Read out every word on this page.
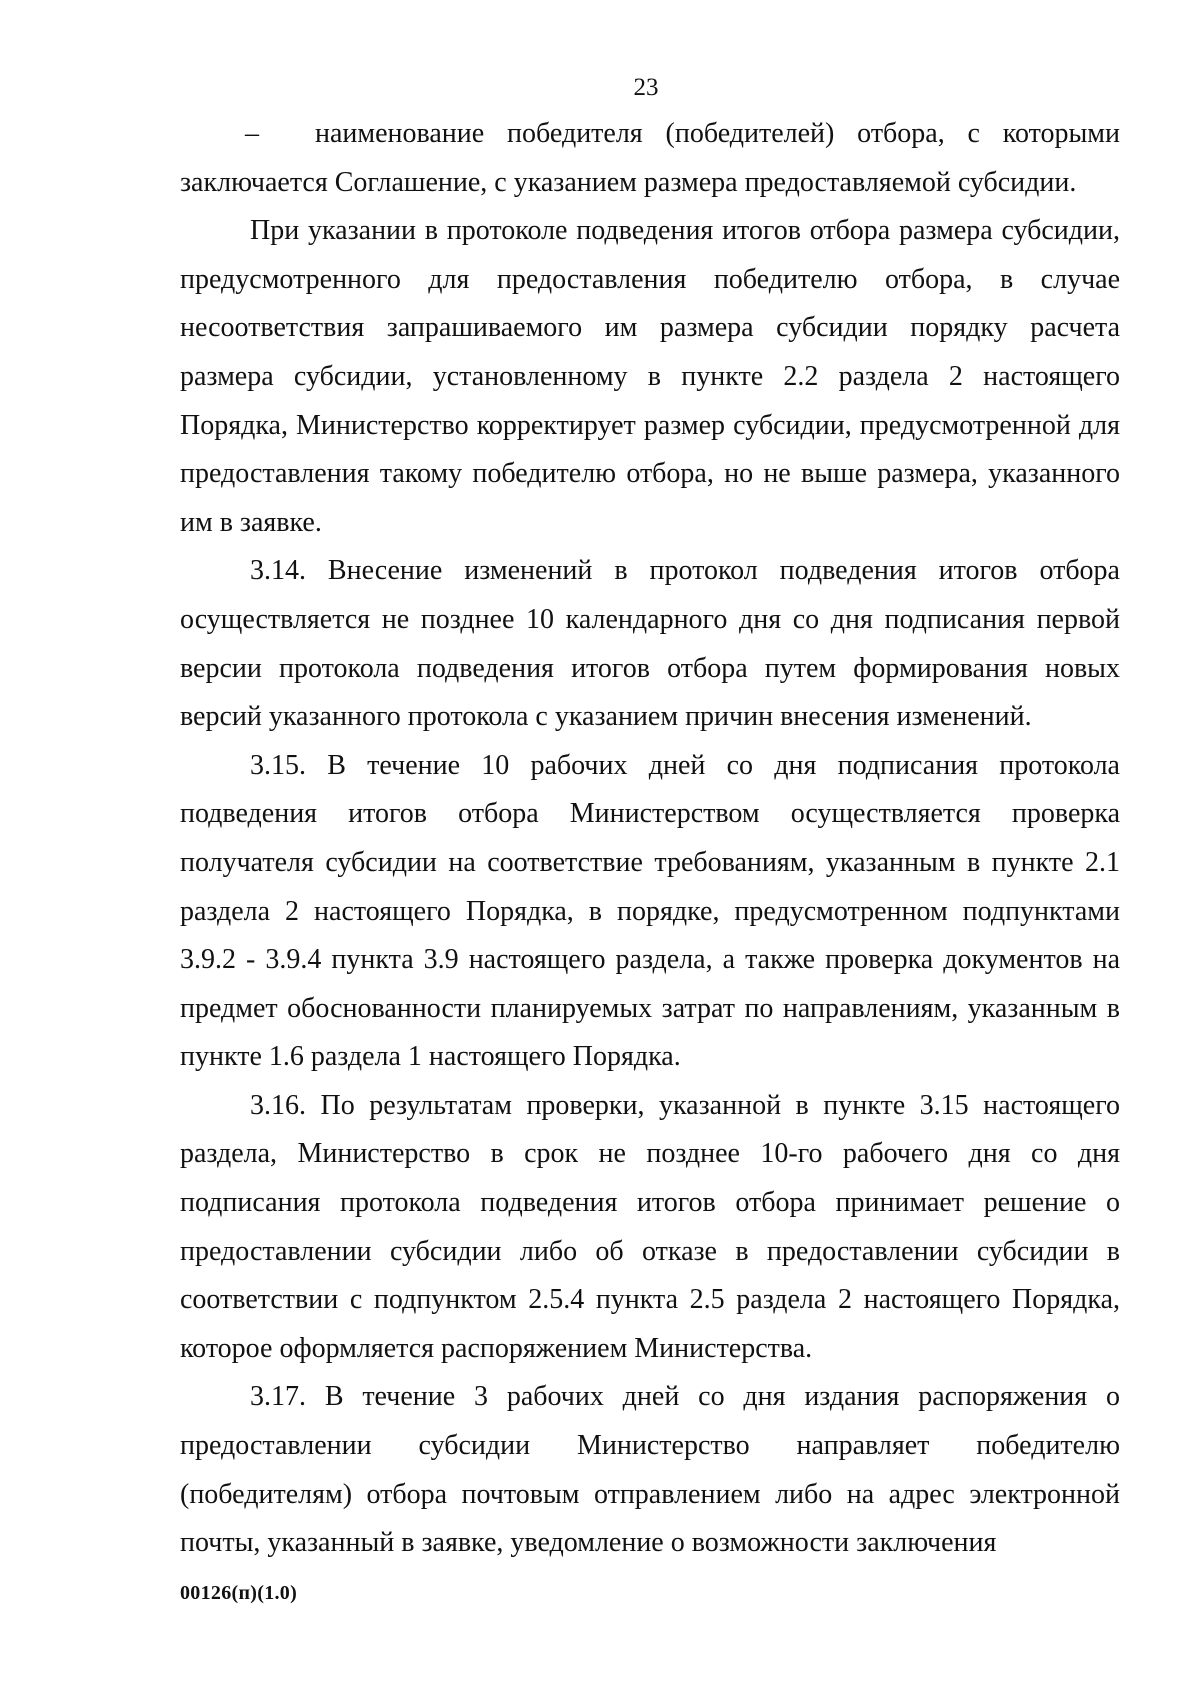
23

–  наименование победителя (победителей) отбора, с которыми заключается Соглашение, с указанием размера предоставляемой субсидии.

При указании в протоколе подведения итогов отбора размера субсидии, предусмотренного для предоставления победителю отбора, в случае несоответствия запрашиваемого им размера субсидии порядку расчета размера субсидии, установленному в пункте 2.2 раздела 2 настоящего Порядка, Министерство корректирует размер субсидии, предусмотренной для предоставления такому победителю отбора, но не выше размера, указанного им в заявке.

3.14. Внесение изменений в протокол подведения итогов отбора осуществляется не позднее 10 календарного дня со дня подписания первой версии протокола подведения итогов отбора путем формирования новых версий указанного протокола с указанием причин внесения изменений.

3.15. В течение 10 рабочих дней со дня подписания протокола подведения итогов отбора Министерством осуществляется проверка получателя субсидии на соответствие требованиям, указанным в пункте 2.1 раздела 2 настоящего Порядка, в порядке, предусмотренном подпунктами 3.9.2 - 3.9.4 пункта 3.9 настоящего раздела, а также проверка документов на предмет обоснованности планируемых затрат по направлениям, указанным в пункте 1.6 раздела 1 настоящего Порядка.

3.16. По результатам проверки, указанной в пункте 3.15 настоящего раздела, Министерство в срок не позднее 10-го рабочего дня со дня подписания протокола подведения итогов отбора принимает решение о предоставлении субсидии либо об отказе в предоставлении субсидии в соответствии с подпунктом 2.5.4 пункта 2.5 раздела 2 настоящего Порядка, которое оформляется распоряжением Министерства.

3.17. В течение 3 рабочих дней со дня издания распоряжения о предоставлении субсидии Министерство направляет победителю (победителям) отбора почтовым отправлением либо на адрес электронной почты, указанный в заявке, уведомление о возможности заключения

00126(п)(1.0)
